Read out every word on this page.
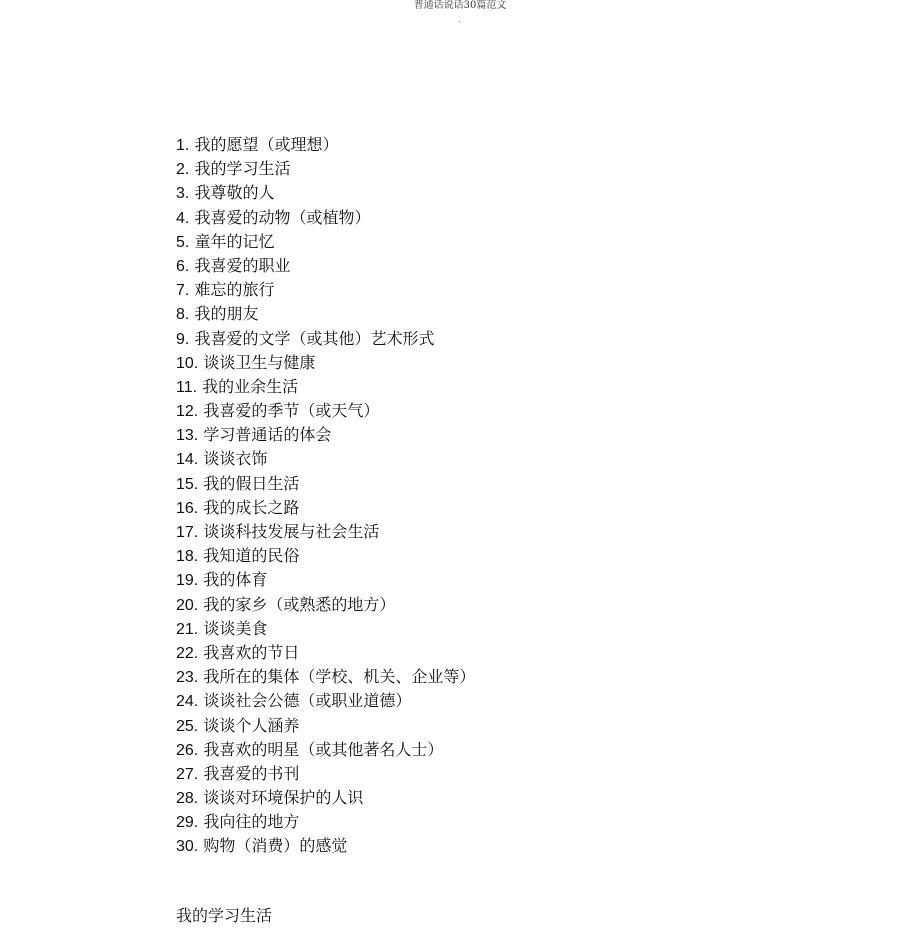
普通话说话30篇范文
.
1. 我的愿望（或理想）
2. 我的学习生活
3. 我尊敬的人
4. 我喜爱的动物（或植物）
5. 童年的记忆
6. 我喜爱的职业
7. 难忘的旅行
8. 我的朋友
9. 我喜爱的文学（或其他）艺术形式
10. 谈谈卫生与健康
11. 我的业余生活
12. 我喜爱的季节（或天气）
13. 学习普通话的体会
14. 谈谈衣饰
15. 我的假日生活
16. 我的成长之路
17. 谈谈科技发展与社会生活
18. 我知道的民俗
19. 我的体育
20. 我的家乡（或熟悉的地方）
21. 谈谈美食
22. 我喜欢的节日
23. 我所在的集体（学校、机关、企业等）
24. 谈谈社会公德（或职业道德）
25. 谈谈个人涵养
26. 我喜欢的明星（或其他著名人士）
27. 我喜爱的书刊
28. 谈谈对环境保护的人识
29. 我向往的地方
30. 购物（消费）的感觉
我的学习生活
